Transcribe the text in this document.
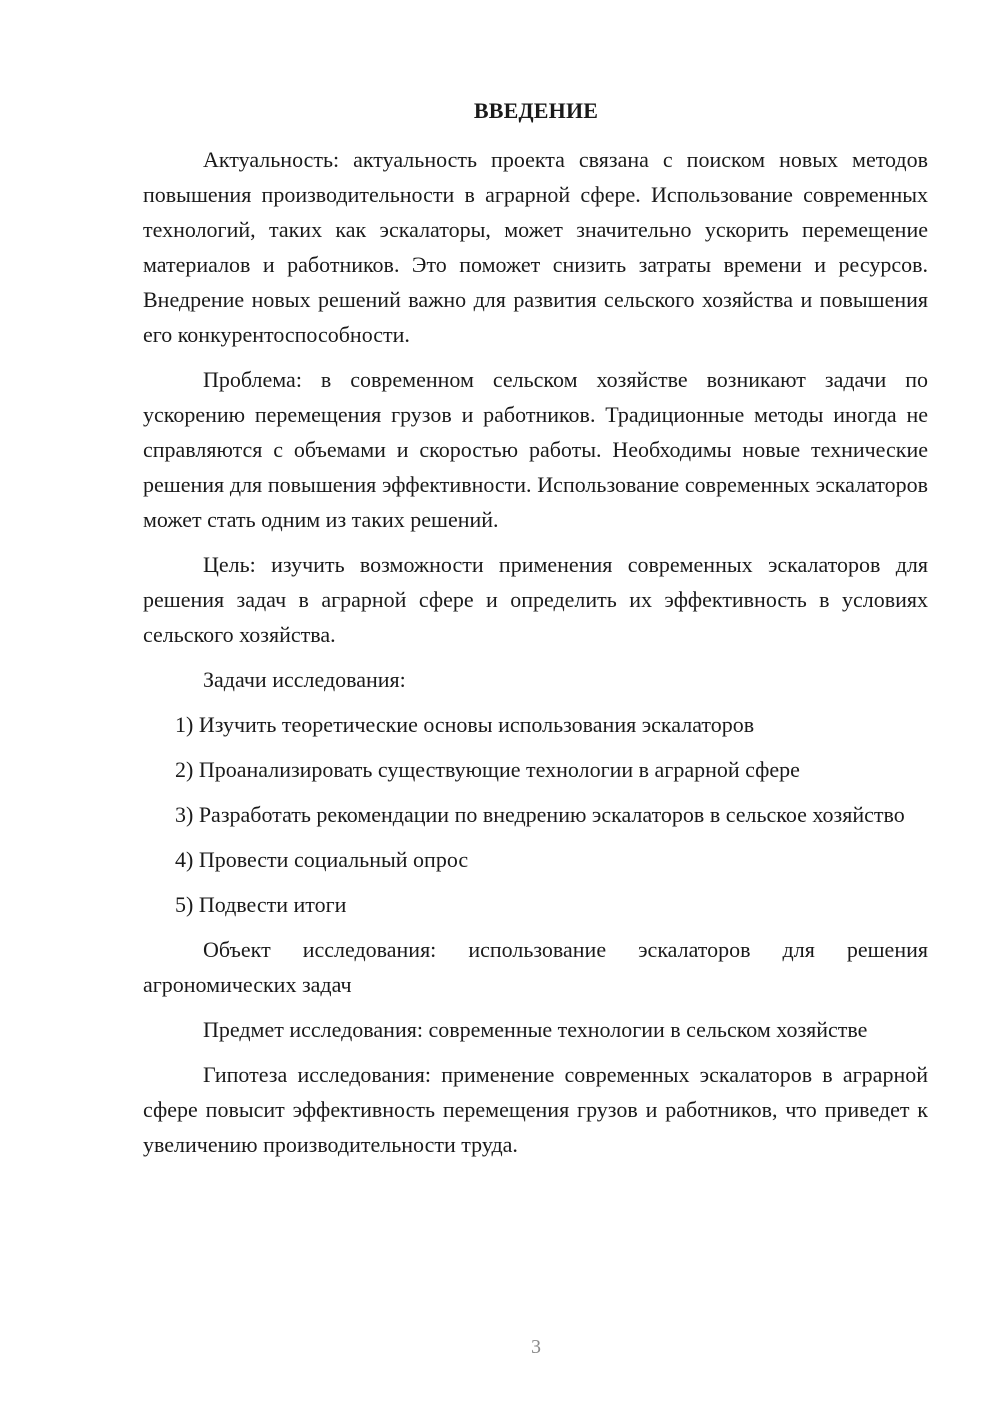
ВВЕДЕНИЕ

Актуальность: актуальность проекта связана с поиском новых методов повышения производительности в аграрной сфере. Использование современных технологий, таких как эскалаторы, может значительно ускорить перемещение материалов и работников. Это поможет снизить затраты времени и ресурсов. Внедрение новых решений важно для развития сельского хозяйства и повышения его конкурентоспособности.

Проблема: в современном сельском хозяйстве возникают задачи по ускорению перемещения грузов и работников. Традиционные методы иногда не справляются с объемами и скоростью работы. Необходимы новые технические решения для повышения эффективности. Использование современных эскалаторов может стать одним из таких решений.

Цель: изучить возможности применения современных эскалаторов для решения задач в аграрной сфере и определить их эффективность в условиях сельского хозяйства.

Задачи исследования:

1) Изучить теоретические основы использования эскалаторов

2) Проанализировать существующие технологии в аграрной сфере

3) Разработать рекомендации по внедрению эскалаторов в сельское хозяйство

4) Провести социальный опрос

5) Подвести итоги

Объект исследования: использование эскалаторов для решения агрономических задач

Предмет исследования: современные технологии в сельском хозяйстве

Гипотеза исследования: применение современных эскалаторов в аграрной сфере повысит эффективность перемещения грузов и работников, что приведет к увеличению производительности труда.

3
